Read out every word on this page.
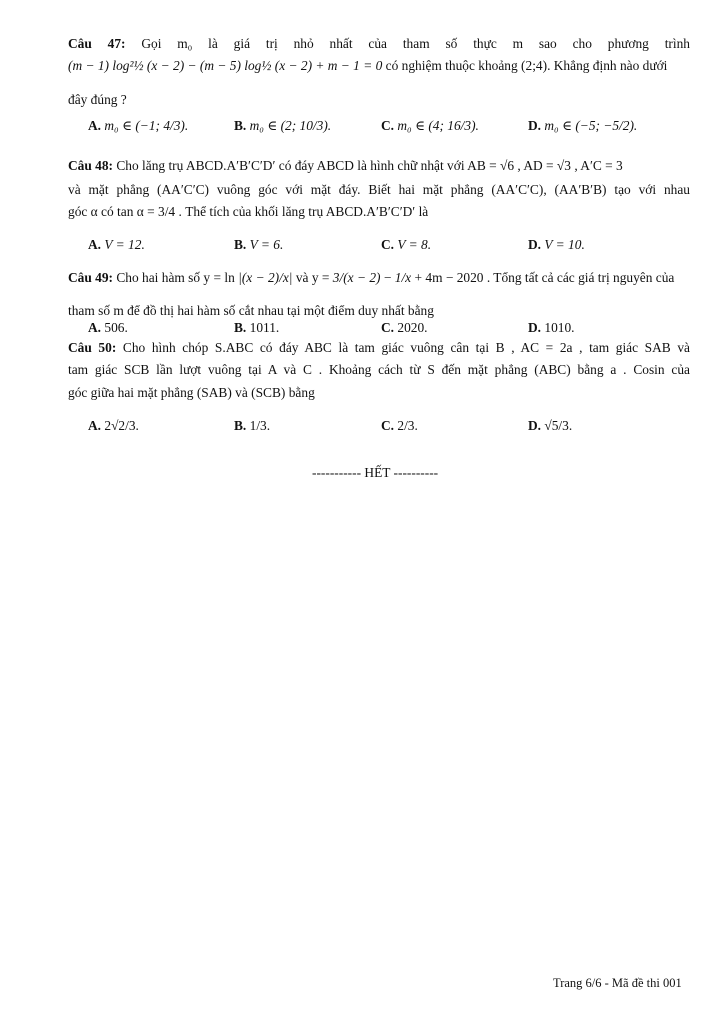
Câu 47: Gọi m₀ là giá trị nhỏ nhất của tham số thực m sao cho phương trình
(m − 1) log²½ (x − 2) − (m − 5) log½ (x − 2) + m − 1 = 0 có nghiệm thuộc khoảng (2;4). Khẳng định nào dưới
đây đúng ?
A. m₀ ∈ (−1; 4/3).	B. m₀ ∈ (2; 10/3).	C. m₀ ∈ (4; 16/3).	D. m₀ ∈ (−5; −5/2).
Câu 48: Cho lăng trụ ABCD.A′B′C′D′ có đáy ABCD là hình chữ nhật với AB = √6 , AD = √3 , A′C = 3
và mặt phẳng (AA′C′C) vuông góc với mặt đáy. Biết hai mặt phẳng (AA′C′C), (AA′B′B) tạo với nhau
góc α có tan α = 3/4 . Thể tích của khối lăng trụ ABCD.A′B′C′D′ là
A. V = 12.	B. V = 6.	C. V = 8.	D. V = 10.
Câu 49: Cho hai hàm số y = ln |(x − 2)/x| và y = 3/(x − 2) − 1/x + 4m − 2020 . Tổng tất cả các giá trị nguyên của
tham số m để đồ thị hai hàm số cắt nhau tại một điểm duy nhất bằng
A. 506.	B. 1011.	C. 2020.	D. 1010.
Câu 50: Cho hình chóp S.ABC có đáy ABC là tam giác vuông cân tại B , AC = 2a , tam giác SAB và
tam giác SCB lần lượt vuông tại A và C . Khoảng cách từ S đến mặt phẳng (ABC) bằng a . Cosin của
góc giữa hai mặt phẳng (SAB) và (SCB) bằng
A. 2√2/3.	B. 1/3.	C. 2/3.	D. √5/3.
----------- HẾT ----------
Trang 6/6 - Mã đề thi 001
